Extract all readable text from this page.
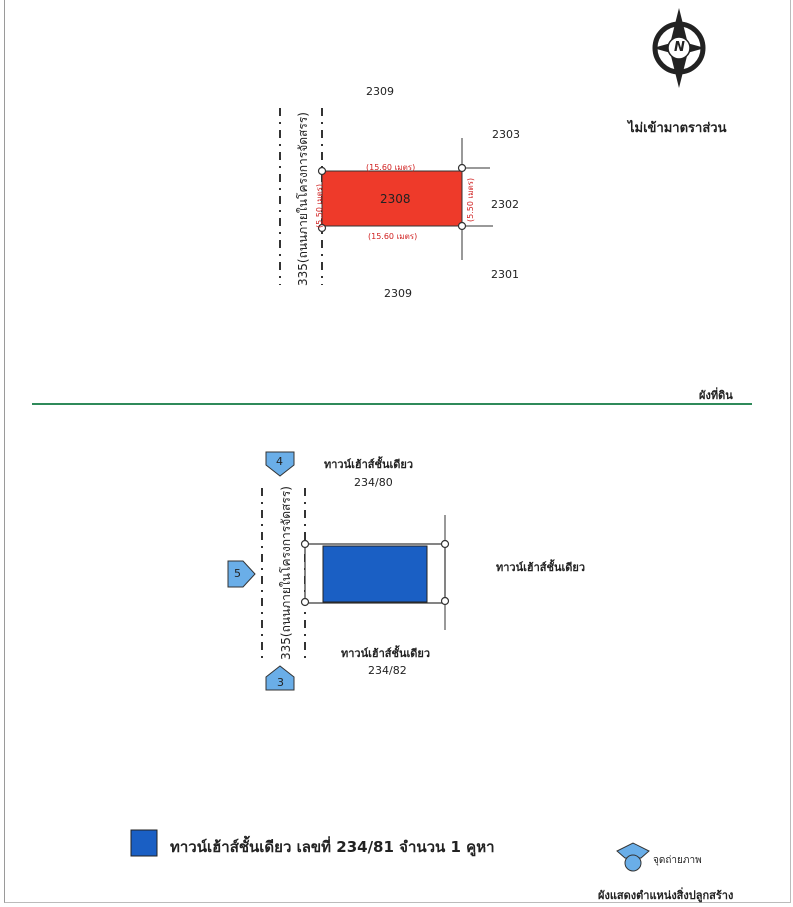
N
ไม่เข้ามาตราส่วน
2309
2308
2309
2303
2302
2301
(15.60 เมตร)
(15.60 เมตร)
(5.50 เมตร)	(5.50 เมตร)
335(ถนนภายในโครงการจัดสรร)
ผังที่ดิน
ทาวน์เฮ้าส์ชั้นเดียว
234/80
ทาวน์เฮ้าส์ชั้นเดียว
ทาวน์เฮ้าส์ชั้นเดียว
234/82
335(ถนนภายในโครงการจัดสรร)
4
5
3
ทาวน์เฮ้าส์ชั้นเดียว เลขที่ 234/81 จำนวน 1 คูหา
จุดถ่ายภาพ
ผังแสดงตำแหน่งสิ่งปลูกสร้าง
